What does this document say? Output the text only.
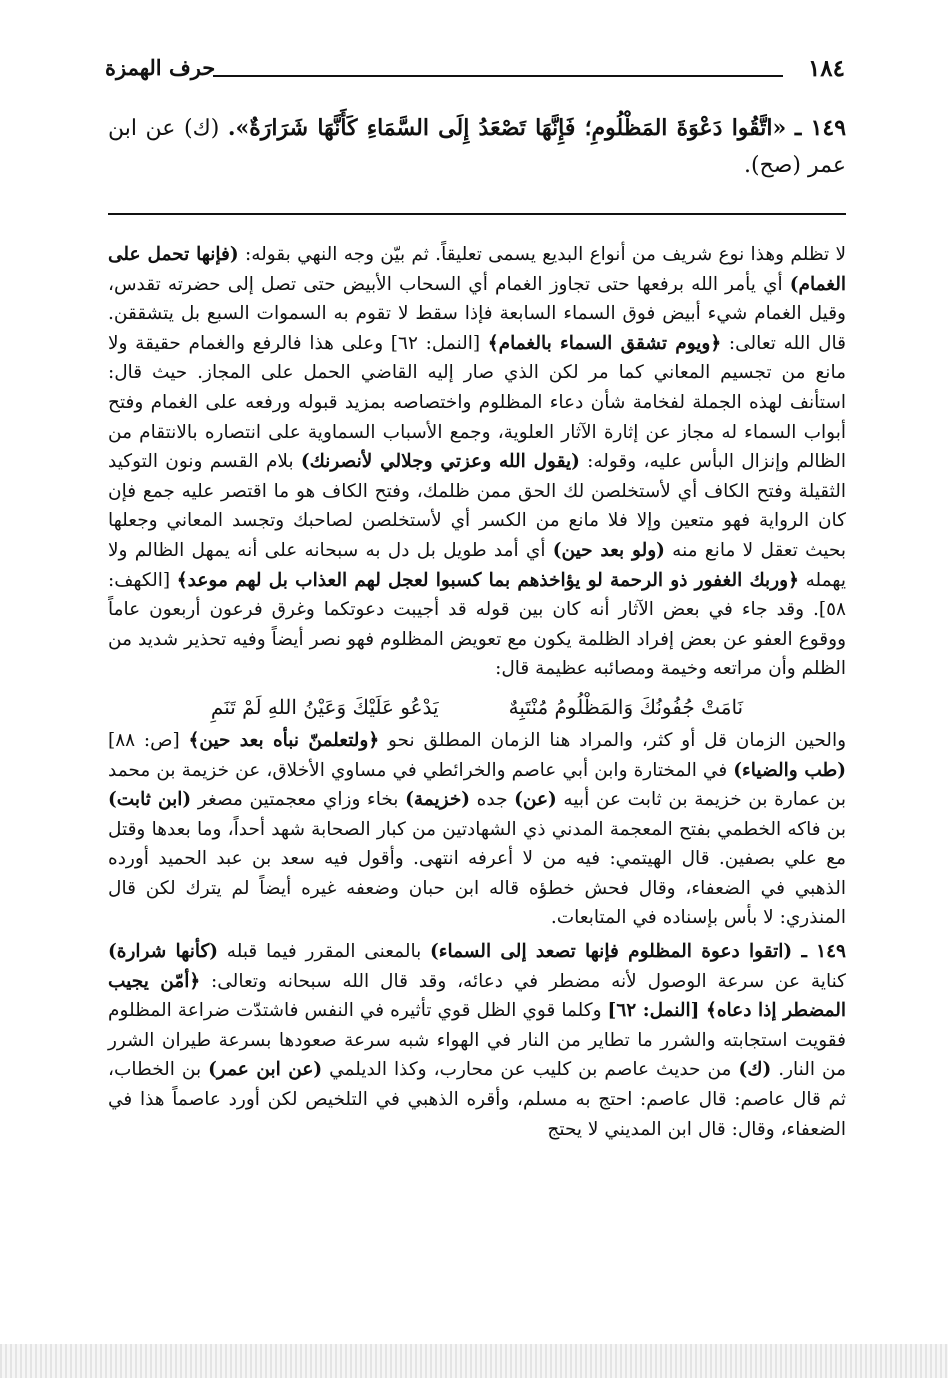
١٨٤
حرف الهمزة
١٤٩ ـ «اتَّقُوا دَعْوَةَ المَظْلُومِ؛ فَإِنَّهَا تَصْعَدُ إِلَى السَّمَاءِ كَأَنَّهَا شَرَارَةٌ». (ك) عن ابن عمر (صح).

لا تظلم وهذا نوع شريف من أنواع البديع يسمى تعليقاً. ثم بيّن وجه النهي بقوله: (فإنها تحمل على الغمام) أي يأمر الله برفعها حتى تجاوز الغمام أي السحاب الأبيض حتى تصل إلى حضرته تقدس، وقيل الغمام شيء أبيض فوق السماء السابعة فإذا سقط لا تقوم به السموات السبع بل يتشققن. قال الله تعالى: ﴿ويوم تشقق السماء بالغمام﴾ [النمل: ٦٢] وعلى هذا فالرفع والغمام حقيقة ولا مانع من تجسيم المعاني كما مر لكن الذي صار إليه القاضي الحمل على المجاز. حيث قال: استأنف لهذه الجملة لفخامة شأن دعاء المظلوم واختصاصه بمزيد قبوله ورفعه على الغمام وفتح أبواب السماء له مجاز عن إثارة الآثار العلوية، وجمع الأسباب السماوية على انتصاره بالانتقام من الظالم وإنزال البأس عليه، وقوله: (يقول الله وعزتي وجلالي لأنصرنك) بلام القسم ونون التوكيد الثقيلة وفتح الكاف أي لأستخلصن لك الحق ممن ظلمك، وفتح الكاف هو ما اقتصر عليه جمع فإن كان الرواية فهو متعين وإلا فلا مانع من الكسر أي لأستخلصن لصاحبك وتجسد المعاني وجعلها بحيث تعقل لا مانع منه (ولو بعد حين) أي أمد طويل بل دل به سبحانه على أنه يمهل الظالم ولا يهمله ﴿وربك الغفور ذو الرحمة لو يؤاخذهم بما كسبوا لعجل لهم العذاب بل لهم موعد﴾ [الكهف: ٥٨]. وقد جاء في بعض الآثار أنه كان بين قوله قد أجيبت دعوتكما وغرق فرعون أربعون عاماً ووقوع العفو عن بعض إفراد الظلمة يكون مع تعويض المظلوم فهو نصر أيضاً وفيه تحذير شديد من الظلم وأن مراتعه وخيمة ومصائبه عظيمة قال:

نَامَتْ جُفُونُكَ وَالمَظْلُومُ مُنْتَبِهٌ
يَدْعُو عَلَيْكَ وَعَيْنُ اللهِ لَمْ تَنَمِ

والحين الزمان قل أو كثر، والمراد هنا الزمان المطلق نحو ﴿ولتعلمنّ نبأه بعد حين﴾ [ص: ٨٨] (طب والضياء) في المختارة وابن أبي عاصم والخرائطي في مساوي الأخلاق، عن خزيمة بن محمد بن عمارة بن خزيمة بن ثابت عن أبيه (عن) جده (خزيمة) بخاء وزاي معجمتين مصغر (ابن ثابت) بن فاكه الخطمي بفتح المعجمة المدني ذي الشهادتين من كبار الصحابة شهد أحداً، وما بعدها وقتل مع علي بصفين. قال الهيتمي: فيه من لا أعرفه انتهى. وأقول فيه سعد بن عبد الحميد أورده الذهبي في الضعفاء، وقال فحش خطؤه قاله ابن حبان وضعفه غيره أيضاً لم يترك لكن قال المنذري: لا بأس بإسناده في المتابعات.

١٤٩ ـ (اتقوا دعوة المظلوم فإنها تصعد إلى السماء) بالمعنى المقرر فيما قبله (كأنها شرارة) كناية عن سرعة الوصول لأنه مضطر في دعائه، وقد قال الله سبحانه وتعالى: ﴿أمّن يجيب المضطر إذا دعاه﴾ [النمل: ٦٢] وكلما قوي الظل قوي تأثيره في النفس فاشتدّت ضراعة المظلوم فقويت استجابته والشرر ما تطاير من النار في الهواء شبه سرعة صعودها بسرعة طيران الشرر من النار. (ك) من حديث عاصم بن كليب عن محارب، وكذا الديلمي (عن ابن عمر) بن الخطاب، ثم قال عاصم: قال عاصم: احتج به مسلم، وأقره الذهبي في التلخيص لكن أورد عاصماً هذا في الضعفاء، وقال: قال ابن المديني لا يحتج
